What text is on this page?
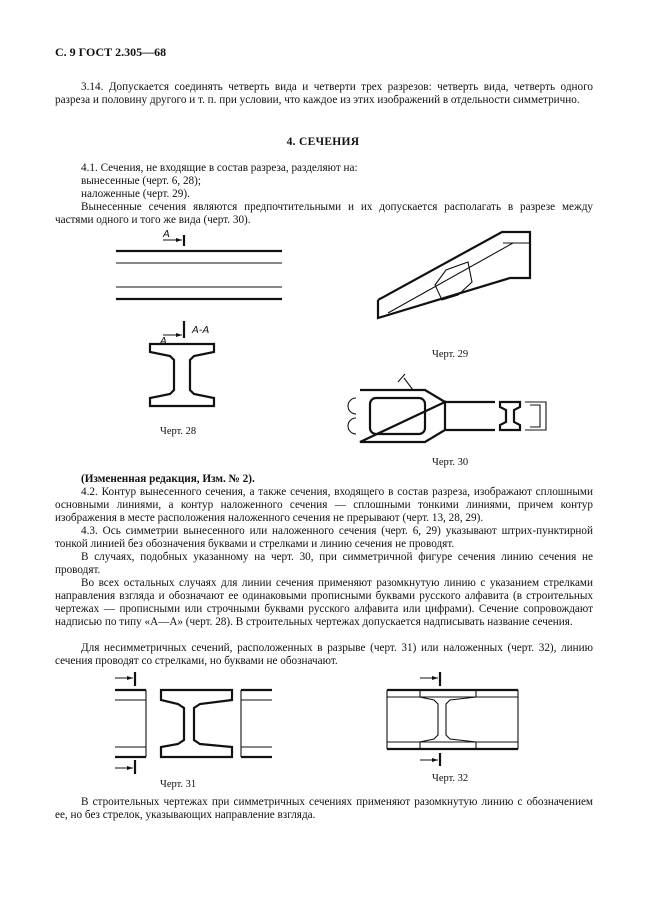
С. 9 ГОСТ 2.305—68
3.14. Допускается соединять четверть вида и четверти трех разрезов: четверть вида, четверть одного разреза и половину другого и т. п. при условии, что каждое из этих изображений в отдельности симметрично.
4. СЕЧЕНИЯ
4.1. Сечения, не входящие в состав разреза, разделяют на:
вынесенные (черт. 6, 28);
наложенные (черт. 29).
Вынесенные сечения являются предпочтительными и их допускается располагать в разрезе между частями одного и того же вида (черт. 30).
А
А
А-А
Черт. 28
Черт. 29
Черт. 30
(Измененная редакция, Изм. № 2).
4.2. Контур вынесенного сечения, а также сечения, входящего в состав разреза, изображают сплошными основными линиями, а контур наложенного сечения — сплошными тонкими линиями, причем контур изображения в месте расположения наложенного сечения не прерывают (черт. 13, 28, 29).
4.3. Ось симметрии вынесенного или наложенного сечения (черт. 6, 29) указывают штрих-пунктирной тонкой линией без обозначения буквами и стрелками и линию сечения не проводят.
В случаях, подобных указанному на черт. 30, при симметричной фигуре сечения линию сечения не проводят.
Во всех остальных случаях для линии сечения применяют разомкнутую линию с указанием стрелками направления взгляда и обозначают ее одинаковыми прописными буквами русского алфавита (в строительных чертежах — прописными или строчными буквами русского алфавита или цифрами). Сечение сопровождают надписью по типу «А—А» (черт. 28). В строительных чертежах допускается надписывать название сечения.
Для несимметричных сечений, расположенных в разрыве (черт. 31) или наложенных (черт. 32), линию сечения проводят со стрелками, но буквами не обозначают.
Черт. 31
Черт. 32
В строительных чертежах при симметричных сечениях применяют разомкнутую линию с обозначением ее, но без стрелок, указывающих направление взгляда.
